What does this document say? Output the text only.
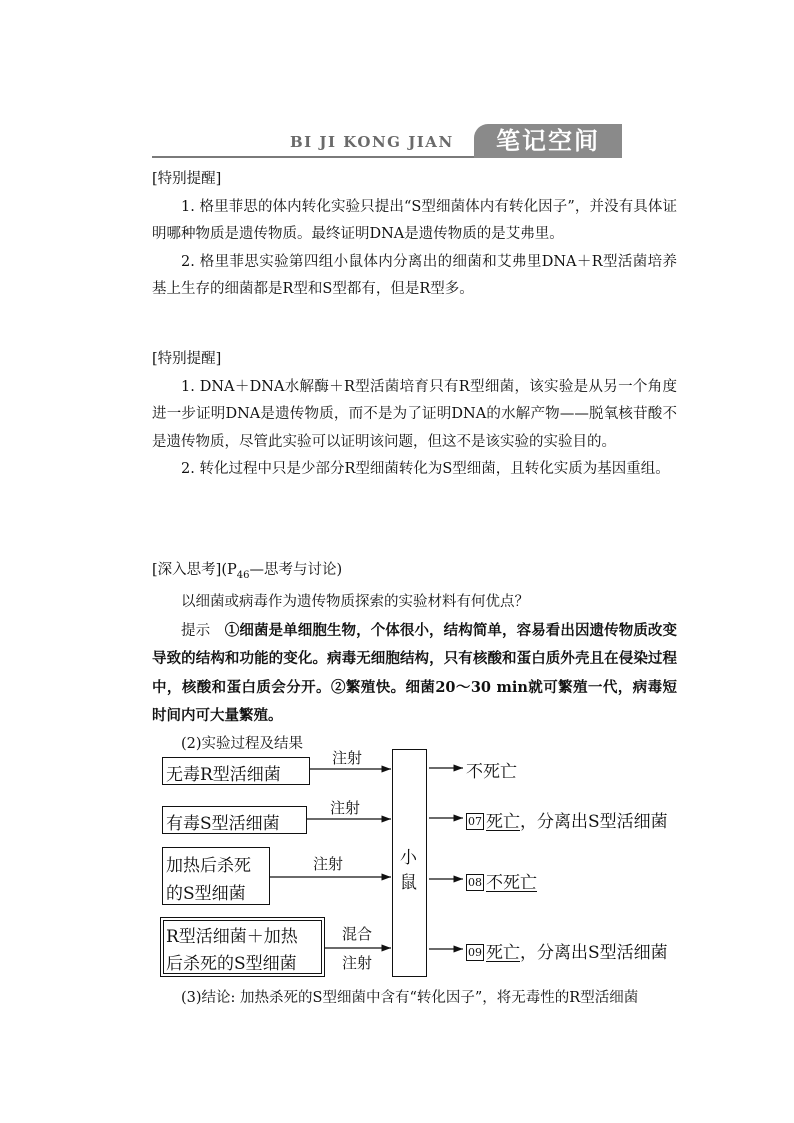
BI JI KONG JIAN	笔记空间

[特别提醒]

1. 格里菲思的体内转化实验只提出“S型细菌体内有转化因子”，并没有具体证明哪种物质是遗传物质。最终证明DNA是遗传物质的是艾弗里。

2. 格里菲思实验第四组小鼠体内分离出的细菌和艾弗里DNA＋R型活菌培养基上生存的细菌都是R型和S型都有，但是R型多。

[特别提醒]

1. DNA＋DNA水解酶＋R型活菌培育只有R型细菌，该实验是从另一个角度进一步证明DNA是遗传物质，而不是为了证明DNA的水解产物——脱氧核苷酸不是遗传物质，尽管此实验可以证明该问题，但这不是该实验的实验目的。

2. 转化过程中只是少部分R型细菌转化为S型细菌，且转化实质为基因重组。

[深入思考]($P_{46}—$思考与讨论)

以细菌或病毒作为遗传物质探索的实验材料有何优点？

提示　 ①细菌是单细胞生物，个体很小，结构简单，容易看出因遗传物质改变导致的结构和功能的变化。病毒无细胞结构，只有核酸和蛋白质外壳且在侵染过程中，核酸和蛋白质会分开。②繁殖快。细菌20～30 min就可繁殖一代，病毒短时间内可大量繁殖。

(2)实验过程及结果

无毒R型活细菌
有毒S型活细菌
加热后杀死
的S型细菌
R型活细菌＋加热
后杀死的S型细菌
注射
注射
注射
混合
注射
小
鼠
不死亡
07 死亡，分离出S型活细菌
08 不死亡
09 死亡，分离出S型活细菌

(3)结论: 加热杀死的S型细菌中含有“转化因子”，将无毒性的R型活细菌
